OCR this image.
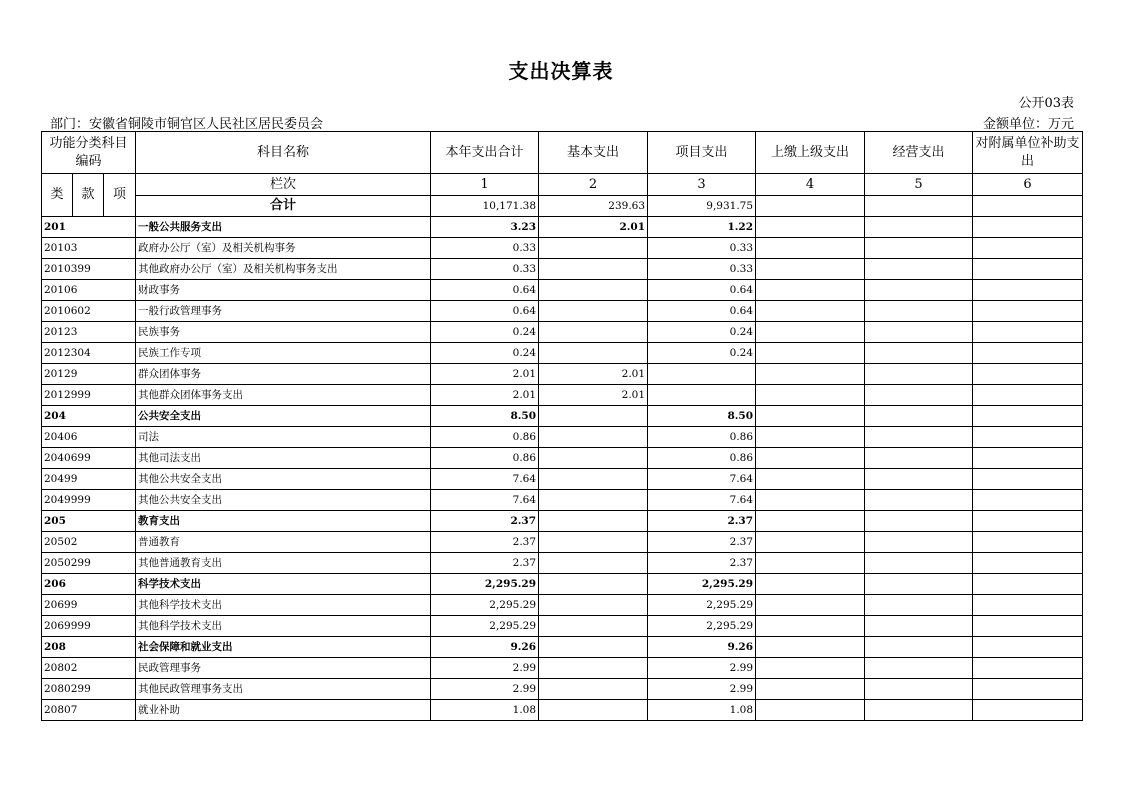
支出决算表
公开03表
部门：安徽省铜陵市铜官区人民社区居民委员会	金额单位：万元
功能分类科目编码			科目名称	本年支出合计	基本支出	项目支出	上缴上级支出	经营支出	对附属单位补助支出
类	款	项	栏次	1	2	3	4	5	6
			合计	10,171.38	239.63	9,931.75			
201			一般公共服务支出	3.23	2.01	1.22			
20103			政府办公厅（室）及相关机构事务	0.33		0.33			
2010399			其他政府办公厅（室）及相关机构事务支出	0.33		0.33			
20106			财政事务	0.64		0.64			
2010602			一般行政管理事务	0.64		0.64			
20123			民族事务	0.24		0.24			
2012304			民族工作专项	0.24		0.24			
20129			群众团体事务	2.01	2.01				
2012999			其他群众团体事务支出	2.01	2.01				
204			公共安全支出	8.50		8.50			
20406			司法	0.86		0.86			
2040699			其他司法支出	0.86		0.86			
20499			其他公共安全支出	7.64		7.64			
2049999			其他公共安全支出	7.64		7.64			
205			教育支出	2.37		2.37			
20502			普通教育	2.37		2.37			
2050299			其他普通教育支出	2.37		2.37			
206			科学技术支出	2,295.29		2,295.29			
20699			其他科学技术支出	2,295.29		2,295.29			
2069999			其他科学技术支出	2,295.29		2,295.29			
208			社会保障和就业支出	9.26		9.26			
20802			民政管理事务	2.99		2.99			
2080299			其他民政管理事务支出	2.99		2.99			
20807			就业补助	1.08		1.08			
